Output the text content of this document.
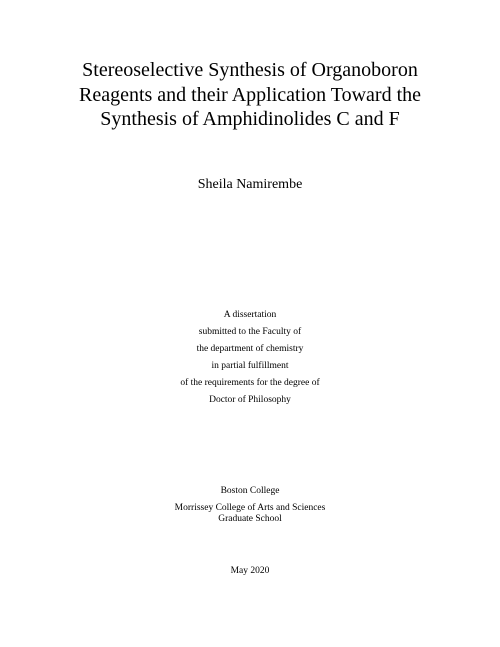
Stereoselective Synthesis of Organoboron
Reagents and their Application Toward the
Synthesis of Amphidinolides C and F
Sheila Namirembe
A dissertation
submitted to the Faculty of
the department of chemistry
in partial fulfillment
of the requirements for the degree of
Doctor of Philosophy
Boston College
Morrissey College of Arts and Sciences
Graduate School
May 2020
